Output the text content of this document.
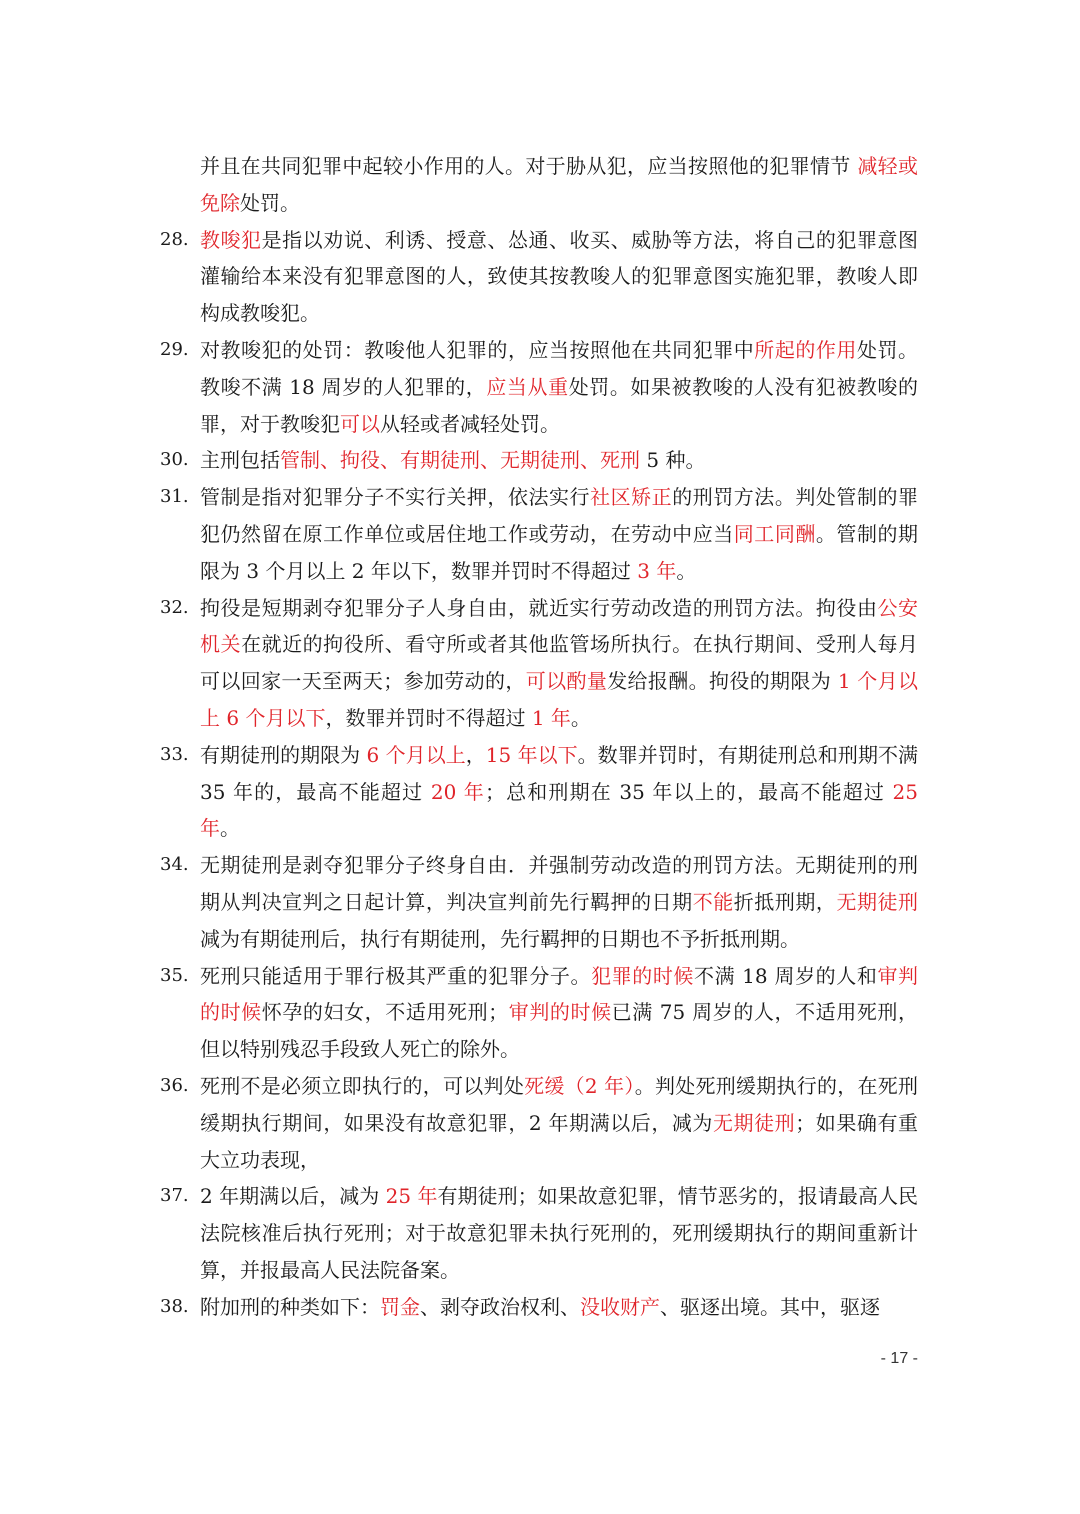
并且在共同犯罪中起较小作用的人。对于胁从犯，应当按照他的犯罪情节 减轻或免除处罚。
28. 教唆犯是指以劝说、利诱、授意、怂通、收买、威胁等方法，将自己的犯罪意图灌输给本来没有犯罪意图的人，致使其按教唆人的犯罪意图实施犯罪，教唆人即构成教唆犯。
29. 对教唆犯的处罚：教唆他人犯罪的，应当按照他在共同犯罪中所起的作用处罚。教唆不满 18 周岁的人犯罪的，应当从重处罚。如果被教唆的人没有犯被教唆的罪，对于教唆犯可以从轻或者减轻处罚。
30. 主刑包括管制、拘役、有期徒刑、无期徒刑、死刑 5 种。
31. 管制是指对犯罪分子不实行关押，依法实行社区矫正的刑罚方法。判处管制的罪犯仍然留在原工作单位或居住地工作或劳动，在劳动中应当同工同酬。管制的期限为 3 个月以上 2 年以下，数罪并罚时不得超过 3 年。
32. 拘役是短期剥夺犯罪分子人身自由，就近实行劳动改造的刑罚方法。拘役由公安机关在就近的拘役所、看守所或者其他监管场所执行。在执行期间、受刑人每月可以回家一天至两天；参加劳动的，可以酌量发给报酬。拘役的期限为 1 个月以上 6 个月以下，数罪并罚时不得超过 1 年。
33. 有期徒刑的期限为 6 个月以上，15 年以下。数罪并罚时，有期徒刑总和刑期不满 35 年的，最高不能超过 20 年；总和刑期在 35 年以上的，最高不能超过 25 年。
34. 无期徒刑是剥夺犯罪分子终身自由．并强制劳动改造的刑罚方法。无期徒刑的刑期从判决宣判之日起计算，判决宣判前先行羁押的日期不能折抵刑期，无期徒刑减为有期徒刑后，执行有期徒刑，先行羁押的日期也不予折抵刑期。
35. 死刑只能适用于罪行极其严重的犯罪分子。犯罪的时候不满 18 周岁的人和审判的时候怀孕的妇女，不适用死刑；审判的时候已满 75 周岁的人，不适用死刑，但以特别残忍手段致人死亡的除外。
36. 死刑不是必须立即执行的，可以判处死缓（2 年）。判处死刑缓期执行的，在死刑缓期执行期间，如果没有故意犯罪，2 年期满以后，减为无期徒刑；如果确有重大立功表现，
37. 2 年期满以后，减为 25 年有期徒刑；如果故意犯罪，情节恶劣的，报请最高人民法院核准后执行死刑；对于故意犯罪未执行死刑的，死刑缓期执行的期间重新计算，并报最高人民法院备案。
38. 附加刑的种类如下：罚金、剥夺政治权利、没收财产、驱逐出境。其中，驱逐
- 17 -
